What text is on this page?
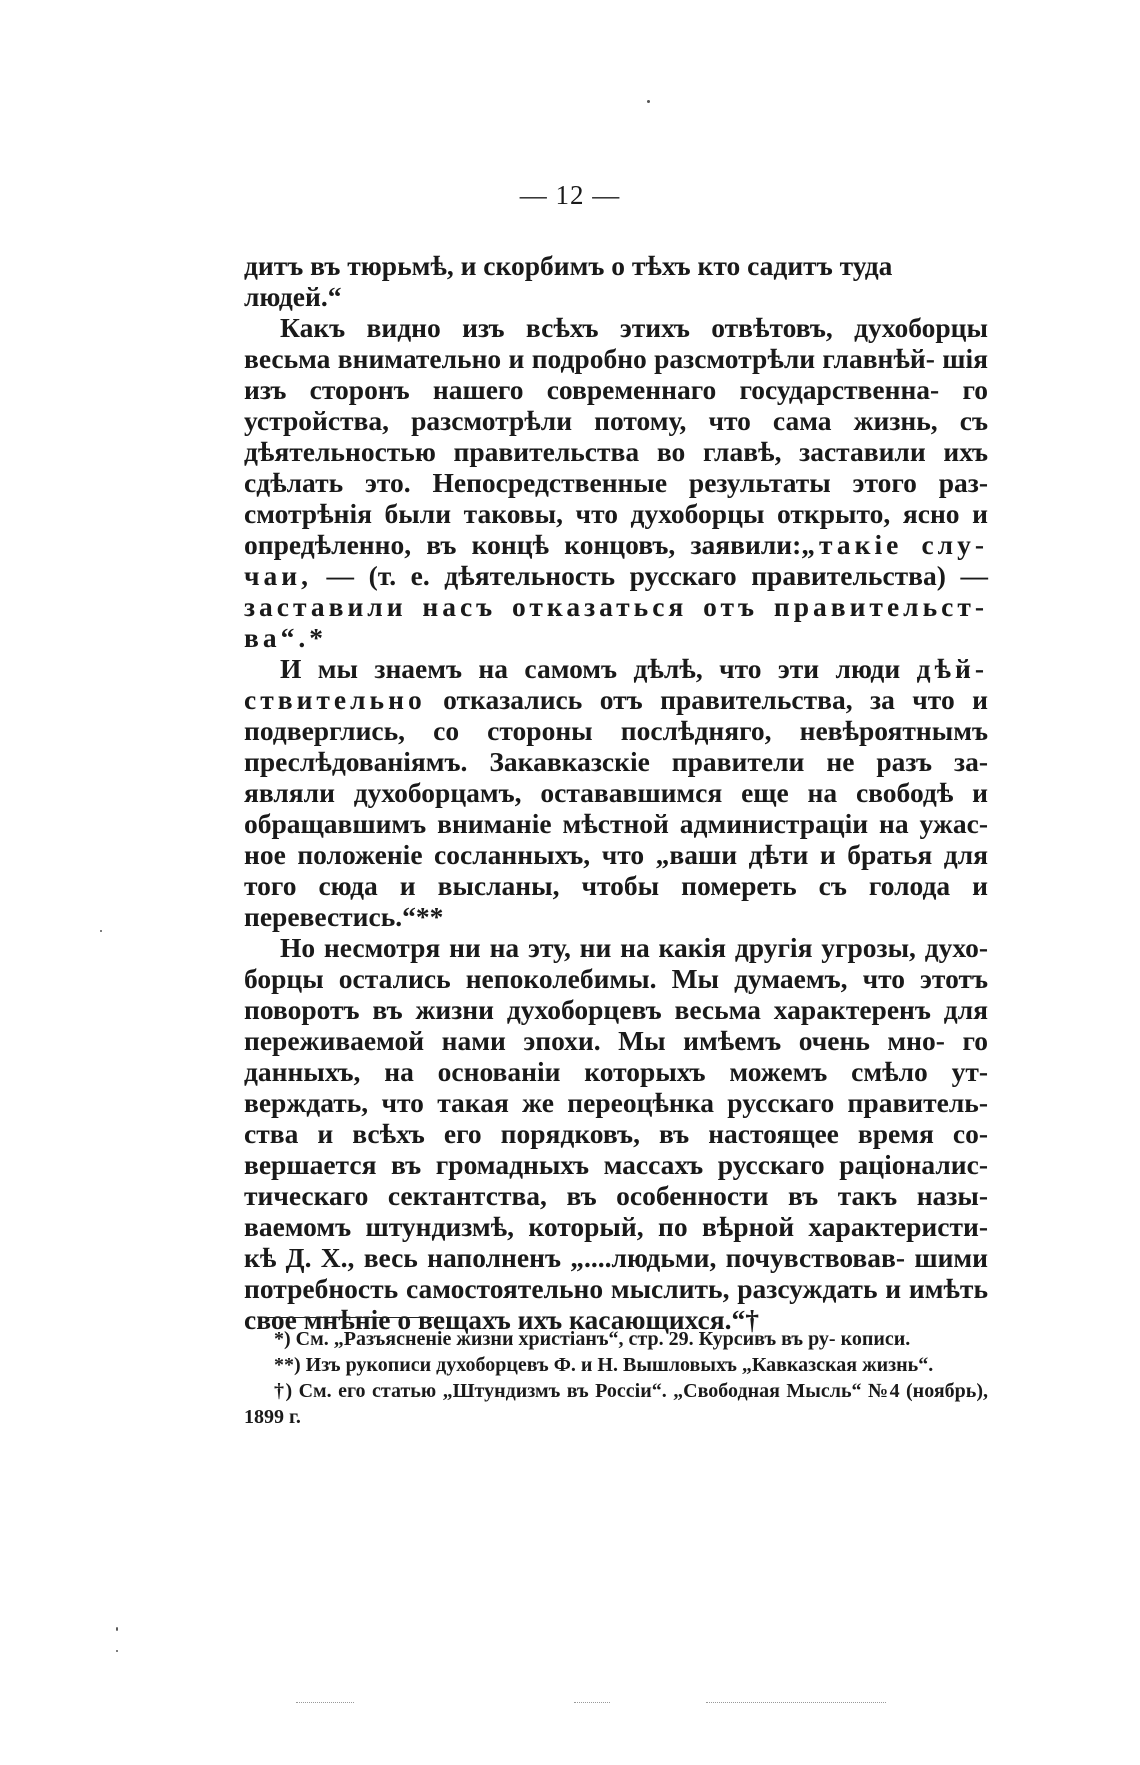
— 12 —

дитъ въ тюрьмѣ, и скорбимъ о тѣхъ кто садитъ туда
людей.“

Какъ видно изъ всѣхъ этихъ отвѣтовъ, духоборцы весьма внимательно и подробно разсмотрѣли главнѣй- шія изъ сторонъ нашего современнаго государственна- го устройства, разсмотрѣли потому, что сама жизнь, съ дѣятельностью правительства во главѣ, заставили ихъ сдѣлать это. Непосредственные результаты этого раз- смотрѣнія были таковы, что духоборцы открыто, ясно и опредѣленно, въ концѣ концовъ, заявили:„такіе слу- чаи, — (т. е. дѣятельность русскаго правительства) — заставили насъ отказаться отъ правительст- ва“.*

И мы знаемъ на самомъ дѣлѣ, что эти люди дѣй- ствительно отказались отъ правительства, за что и подверглись, со стороны послѣдняго, невѣроятнымъ преслѣдованіямъ. Закавказскіе правители не разъ за- являли духоборцамъ, остававшимся еще на свободѣ и обращавшимъ вниманіе мѣстной администраціи на ужас- ное положеніе сосланныхъ, что „ваши дѣти и братья для того сюда и высланы, чтобы помереть съ голода и перевестись.“**

Но несмотря ни на эту, ни на какія другія угрозы, духо- борцы остались непоколебимы. Мы думаемъ, что этотъ поворотъ въ жизни духоборцевъ весьма характеренъ для переживаемой нами эпохи. Мы имѣемъ очень мно- го данныхъ, на основаніи которыхъ можемъ смѣло ут- верждать, что такая же переоцѣнка русскаго правитель- ства и всѣхъ его порядковъ, въ настоящее время со- вершается въ громадныхъ массахъ русскаго раціоналис- тическаго сектантства, въ особенности въ такъ назы- ваемомъ штундизмѣ, который, по вѣрной характеристи- кѣ Д. Х., весь наполненъ „....людьми, почувствовав- шими потребность самостоятельно мыслить, разсуждать и имѣть свое мнѣніе о вещахъ ихъ касающихся.“†

*) См. „Разъясненіе жизни христіанъ“, стр. 29. Курсивъ въ ру- кописи.

**) Изъ рукописи духоборцевъ Ф. и Н. Вышловыхъ „Кавказская жизнь“.

†) См. его статью „Штундизмъ въ Россіи“. „Свободная Мысль“ №4 (ноябрь), 1899 г.
